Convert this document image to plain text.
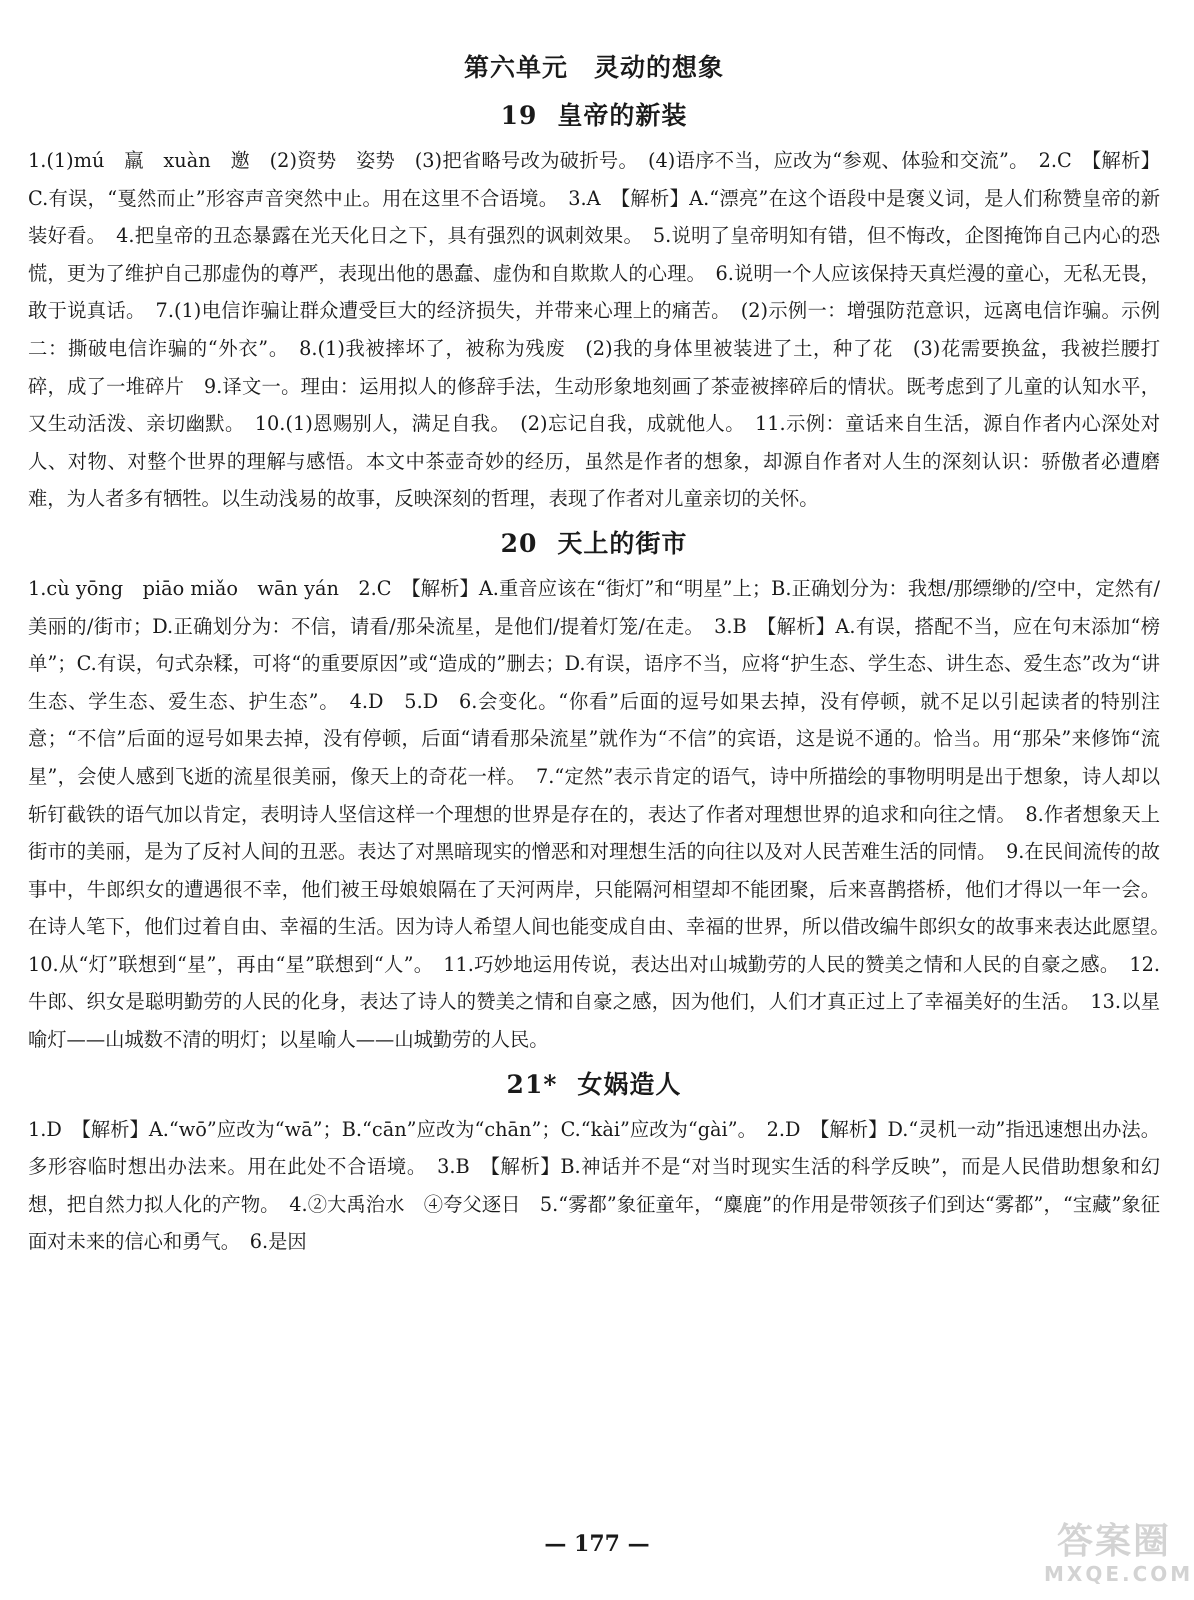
第六单元　灵动的想象
19 皇帝的新装

1.(1)mú　羸　xuàn　邀　(2)资势　姿势　(3)把省略号改为破折号。　(4)语序不当，应改为“参观、体验和交流”。　2.C　【解析】C.有误，“戛然而止”形容声音突然中止。用在这里不合语境。　3.A　【解析】A.“漂亮”在这个语段中是褒义词，是人们称赞皇帝的新装好看。　4.把皇帝的丑态暴露在光天化日之下，具有强烈的讽刺效果。　5.说明了皇帝明知有错，但不悔改，企图掩饰自己内心的恐慌，更为了维护自己那虚伪的尊严，表现出他的愚蠢、虚伪和自欺欺人的心理。　6.说明一个人应该保持天真烂漫的童心，无私无畏，敢于说真话。　7.(1)电信诈骗让群众遭受巨大的经济损失，并带来心理上的痛苦。　(2)示例一：增强防范意识，远离电信诈骗。示例二：撕破电信诈骗的“外衣”。　8.(1)我被摔坏了，被称为残废　(2)我的身体里被装进了土，种了花　(3)花需要换盆，我被拦腰打碎，成了一堆碎片　9.译文一。理由：运用拟人的修辞手法，生动形象地刻画了茶壶被摔碎后的情状。既考虑到了儿童的认知水平，又生动活泼、亲切幽默。　10.(1)恩赐别人，满足自我。　(2)忘记自我，成就他人。　11.示例：童话来自生活，源自作者内心深处对人、对物、对整个世界的理解与感悟。本文中茶壶奇妙的经历，虽然是作者的想象，却源自作者对人生的深刻认识：骄傲者必遭磨难，为人者多有牺牲。以生动浅易的故事，反映深刻的哲理，表现了作者对儿童亲切的关怀。

20 天上的街市

1.cù yōng　piāo miǎo　wān yán　2.C　【解析】A.重音应该在“街灯”和“明星”上；B.正确划分为：我想/那缥缈的/空中，定然有/美丽的/街市；D.正确划分为：不信，请看/那朵流星，是他们/提着灯笼/在走。　3.B　【解析】A.有误，搭配不当，应在句末添加“榜单”；C.有误，句式杂糅，可将“的重要原因”或“造成的”删去；D.有误，语序不当，应将“护生态、学生态、讲生态、爱生态”改为“讲生态、学生态、爱生态、护生态”。　4.D　5.D　6.会变化。“你看”后面的逗号如果去掉，没有停顿，就不足以引起读者的特别注意；“不信”后面的逗号如果去掉，没有停顿，后面“请看那朵流星”就作为“不信”的宾语，这是说不通的。恰当。用“那朵”来修饰“流星”，会使人感到飞逝的流星很美丽，像天上的奇花一样。　7.“定然”表示肯定的语气，诗中所描绘的事物明明是出于想象，诗人却以斩钉截铁的语气加以肯定，表明诗人坚信这样一个理想的世界是存在的，表达了作者对理想世界的追求和向往之情。　8.作者想象天上街市的美丽，是为了反衬人间的丑恶。表达了对黑暗现实的憎恶和对理想生活的向往以及对人民苦难生活的同情。　9.在民间流传的故事中，牛郎织女的遭遇很不幸，他们被王母娘娘隔在了天河两岸，只能隔河相望却不能团聚，后来喜鹊搭桥，他们才得以一年一会。在诗人笔下，他们过着自由、幸福的生活。因为诗人希望人间也能变成自由、幸福的世界，所以借改编牛郎织女的故事来表达此愿望。　10.从“灯”联想到“星”，再由“星”联想到“人”。　11.巧妙地运用传说，表达出对山城勤劳的人民的赞美之情和人民的自豪之感。　12.牛郎、织女是聪明勤劳的人民的化身，表达了诗人的赞美之情和自豪之感，因为他们，人们才真正过上了幸福美好的生活。　13.以星喻灯——山城数不清的明灯；以星喻人——山城勤劳的人民。

21* 女娲造人

1.D　【解析】A.“wō”应改为“wā”；B.“cān”应改为“chān”；C.“kài”应改为“gài”。　2.D　【解析】D.“灵机一动”指迅速想出办法。多形容临时想出办法来。用在此处不合语境。　3.B　【解析】B.神话并不是“对当时现实生活的科学反映”，而是人民借助想象和幻想，把自然力拟人化的产物。　4.②大禹治水　④夸父逐日　5.“雾都”象征童年，“麋鹿”的作用是带领孩子们到达“雾都”，“宝藏”象征面对未来的信心和勇气。　6.是因

— 177 —	答案圈
MXQE.COM
